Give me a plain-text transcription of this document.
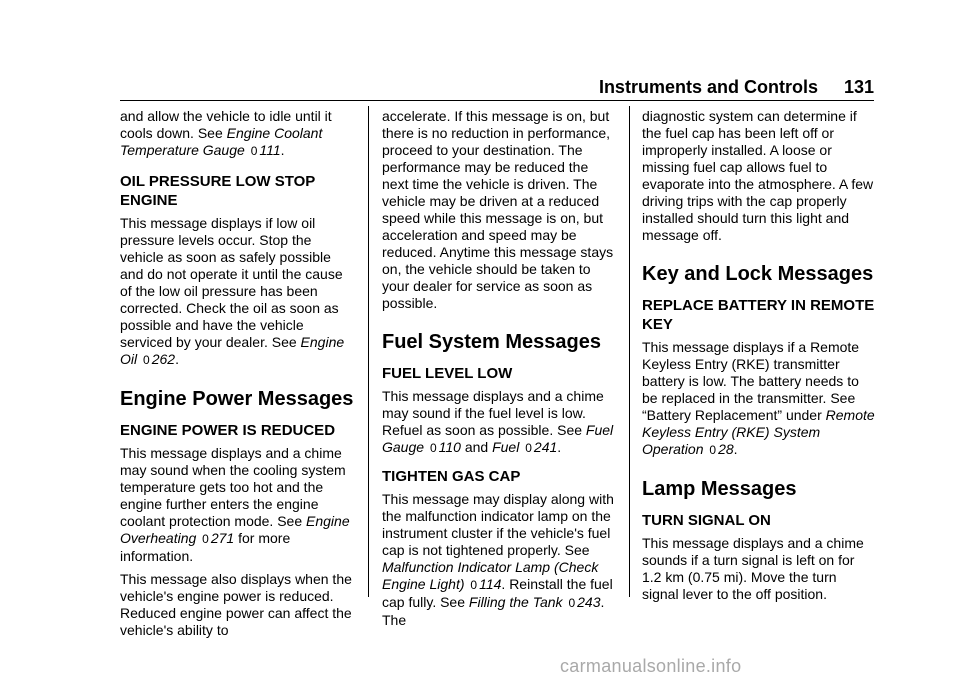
Instruments and Controls 131

and allow the vehicle to idle until it cools down. See Engine Coolant Temperature Gauge 0 111.

OIL PRESSURE LOW STOP ENGINE

This message displays if low oil pressure levels occur. Stop the vehicle as soon as safely possible and do not operate it until the cause of the low oil pressure has been corrected. Check the oil as soon as possible and have the vehicle serviced by your dealer. See Engine Oil 0 262.

Engine Power Messages
ENGINE POWER IS REDUCED

This message displays and a chime may sound when the cooling system temperature gets too hot and the engine further enters the engine coolant protection mode. See Engine Overheating 0 271 for more information.

This message also displays when the vehicle's engine power is reduced. Reduced engine power can affect the vehicle's ability to

accelerate. If this message is on, but there is no reduction in performance, proceed to your destination. The performance may be reduced the next time the vehicle is driven. The vehicle may be driven at a reduced speed while this message is on, but acceleration and speed may be reduced. Anytime this message stays on, the vehicle should be taken to your dealer for service as soon as possible.

Fuel System Messages
FUEL LEVEL LOW

This message displays and a chime may sound if the fuel level is low. Refuel as soon as possible. See Fuel Gauge 0 110 and Fuel 0 241.

TIGHTEN GAS CAP

This message may display along with the malfunction indicator lamp on the instrument cluster if the vehicle's fuel cap is not tightened properly. See Malfunction Indicator Lamp (Check Engine Light) 0 114. Reinstall the fuel cap fully. See Filling the Tank 0 243. The

diagnostic system can determine if the fuel cap has been left off or improperly installed. A loose or missing fuel cap allows fuel to evaporate into the atmosphere. A few driving trips with the cap properly installed should turn this light and message off.

Key and Lock Messages
REPLACE BATTERY IN REMOTE KEY

This message displays if a Remote Keyless Entry (RKE) transmitter battery is low. The battery needs to be replaced in the transmitter. See “Battery Replacement” under Remote Keyless Entry (RKE) System Operation 0 28.

Lamp Messages
TURN SIGNAL ON

This message displays and a chime sounds if a turn signal is left on for 1.2 km (0.75 mi). Move the turn signal lever to the off position.

carmanualsonline.info
